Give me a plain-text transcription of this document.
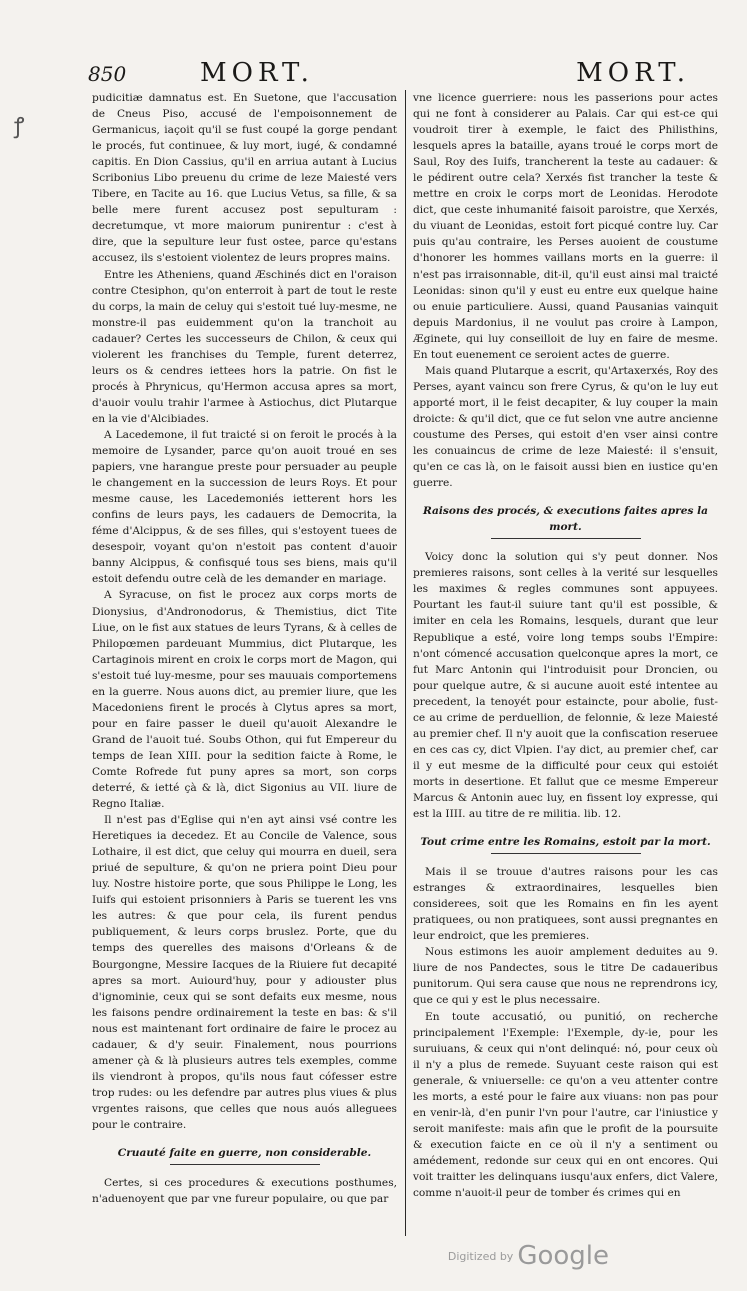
ꝭ
850	MORT.	MORT.

pudicitiæ damnatus est. En Suetone, que l'accusation de Cneus Piso, accusé de l'empoisonnement de Germanicus, iaçoit qu'il se fust coupé la gorge pendant le procés, fut continuee, & luy mort, iugé, & condamné capitis. En Dion Cassius, qu'il en arriua autant à Lucius Scribonius Libo preuenu du crime de leze Maiesté vers Tibere, en Tacite au 16. que Lucius Vetus, sa fille, & sa belle mere furent accusez post sepulturam : decretumque, vt more maiorum punirentur : c'est à dire, que la sepulture leur fust ostee, parce qu'estans accusez, ils s'estoient violentez de leurs propres mains.

Entre les Atheniens, quand Æschinés dict en l'oraison contre Ctesiphon, qu'on enterroit à part de tout le reste du corps, la main de celuy qui s'estoit tué luy-mesme, ne monstre-il pas euidemment qu'on la tranchoit au cadauer? Certes les successeurs de Chilon, & ceux qui violerent les franchises du Temple, furent deterrez, leurs os & cendres iettees hors la patrie. On fist le procés à Phrynicus, qu'Hermon accusa apres sa mort, d'auoir voulu trahir l'armee à Astiochus, dict Plutarque en la vie d'Alcibiades.

A Lacedemone, il fut traicté si on feroit le procés à la memoire de Lysander, parce qu'on auoit troué en ses papiers, vne harangue preste pour persuader au peuple le changement en la succession de leurs Roys. Et pour mesme cause, les Lacedemoniés ietterent hors les confins de leurs pays, les cadauers de Democrita, la féme d'Alcippus, & de ses filles, qui s'estoyent tuees de desespoir, voyant qu'on n'estoit pas content d'auoir banny Alcippus, & confisqué tous ses biens, mais qu'il estoit defendu outre celà de les demander en mariage.

A Syracuse, on fist le procez aux corps morts de Dionysius, d'Andronodorus, & Themistius, dict Tite Liue, on le fist aux statues de leurs Tyrans, & à celles de Philopœmen pardeuant Mummius, dict Plutarque, les Cartaginois mirent en croix le corps mort de Magon, qui s'estoit tué luy-mesme, pour ses mauuais comportemens en la guerre. Nous auons dict, au premier liure, que les Macedoniens firent le procés à Clytus apres sa mort, pour en faire passer le dueil qu'auoit Alexandre le Grand de l'auoit tué. Soubs Othon, qui fut Empereur du temps de Iean XIII. pour la sedition faicte à Rome, le Comte Rofrede fut puny apres sa mort, son corps deterré, & ietté çà & là, dict Sigonius au VII. liure de Regno Italiæ.

Il n'est pas d'Eglise qui n'en ayt ainsi vsé contre les Heretiques ia decedez. Et au Concile de Valence, sous Lothaire, il est dict, que celuy qui mourra en dueil, sera priué de sepulture, & qu'on ne priera point Dieu pour luy. Nostre histoire porte, que sous Philippe le Long, les Iuifs qui estoient prisonniers à Paris se tuerent les vns les autres: & que pour cela, ils furent pendus publiquement, & leurs corps bruslez. Porte, que du temps des querelles des maisons d'Orleans & de Bourgongne, Messire Iacques de la Riuiere fut decapité apres sa mort. Auiourd'huy, pour y adiouster plus d'ignominie, ceux qui se sont defaits eux mesme, nous les faisons pendre ordinairement la teste en bas: & s'il nous est maintenant fort ordinaire de faire le procez au cadauer, & d'y seuir. Finalement, nous pourrions amener çà & là plusieurs autres tels exemples, comme ils viendront à propos, qu'ils nous faut cófesser estre trop rudes: ou les defendre par autres plus viues & plus vrgentes raisons, que celles que nous auós alleguees pour le contraire.

Cruauté faite en guerre, non considerable.

Certes, si ces procedures & executions posthumes, n'aduenoyent que par vne fureur populaire, ou que par

vne licence guerriere: nous les passerions pour actes qui ne font à considerer au Palais. Car qui est-ce qui voudroit tirer à exemple, le faict des Philisthins, lesquels apres la bataille, ayans troué le corps mort de Saul, Roy des Iuifs, trancherent la teste au cadauer: & le pédirent outre cela? Xerxés fist trancher la teste & mettre en croix le corps mort de Leonidas. Herodote dict, que ceste inhumanité faisoit paroistre, que Xerxés, du viuant de Leonidas, estoit fort picqué contre luy. Car puis qu'au contraire, les Perses auoient de coustume d'honorer les hommes vaillans morts en la guerre: il n'est pas irraisonnable, dit-il, qu'il eust ainsi mal traicté Leonidas: sinon qu'il y eust eu entre eux quelque haine ou enuie particuliere. Aussi, quand Pausanias vainquit depuis Mardonius, il ne voulut pas croire à Lampon, Æginete, qui luy conseilloit de luy en faire de mesme. En tout euenement ce seroient actes de guerre.

Mais quand Plutarque a escrit, qu'Artaxerxés, Roy des Perses, ayant vaincu son frere Cyrus, & qu'on le luy eut apporté mort, il le feist decapiter, & luy couper la main droicte: & qu'il dict, que ce fut selon vne autre ancienne coustume des Perses, qui estoit d'en vser ainsi contre les conuaincus de crime de leze Maiesté: il s'ensuit, qu'en ce cas là, on le faisoit aussi bien en iustice qu'en guerre.

Raisons des procés, & executions faites apres la mort.

Voicy donc la solution qui s'y peut donner. Nos premieres raisons, sont celles à la verité sur lesquelles les maximes & regles communes sont appuyees. Pourtant les faut-il suiure tant qu'il est possible, & imiter en cela les Romains, lesquels, durant que leur Republique a esté, voire long temps soubs l'Empire: n'ont cómencé accusation quelconque apres la mort, ce fut Marc Antonin qui l'introduisit pour Droncien, ou pour quelque autre, & si aucune auoit esté intentee au precedent, la tenoyét pour estaincte, pour abolie, fust-ce au crime de perduellion, de felonnie, & leze Maiesté au premier chef. Il n'y auoit que la confiscation reseruee en ces cas cy, dict Vlpien. I'ay dict, au premier chef, car il y eut mesme de la difficulté pour ceux qui estoiét morts in desertione. Et fallut que ce mesme Empereur Marcus & Antonin auec luy, en fissent loy expresse, qui est la IIII. au titre de re militia. lib. 12.

Tout crime entre les Romains, estoit par la mort.

Mais il se trouue d'autres raisons pour les cas estranges & extraordinaires, lesquelles bien considerees, soit que les Romains en fin les ayent pratiquees, ou non pratiquees, sont aussi pregnantes en leur endroict, que les premieres.

Nous estimons les auoir amplement deduites au 9. liure de nos Pandectes, sous le titre De cadaueribus punitorum. Qui sera cause que nous ne reprendrons icy, que ce qui y est le plus necessaire.

En toute accusatió, ou punitió, on recherche principalement l'Exemple: l'Exemple, dy-ie, pour les suruiuans, & ceux qui n'ont delinqué: nó, pour ceux où il n'y a plus de remede. Suyuant ceste raison qui est generale, & vniuerselle: ce qu'on a veu attenter contre les morts, a esté pour le faire aux viuans: non pas pour en venir-là, d'en punir l'vn pour l'autre, car l'iniustice y seroit manifeste: mais afin que le profit de la poursuite & execution faicte en ce où il n'y a sentiment ou amédement, redonde sur ceux qui en ont encores. Qui voit traitter les delinquans iusqu'aux enfers, dict Valere, comme n'auoit-il peur de tomber és crimes qui en

Digitized by Google
